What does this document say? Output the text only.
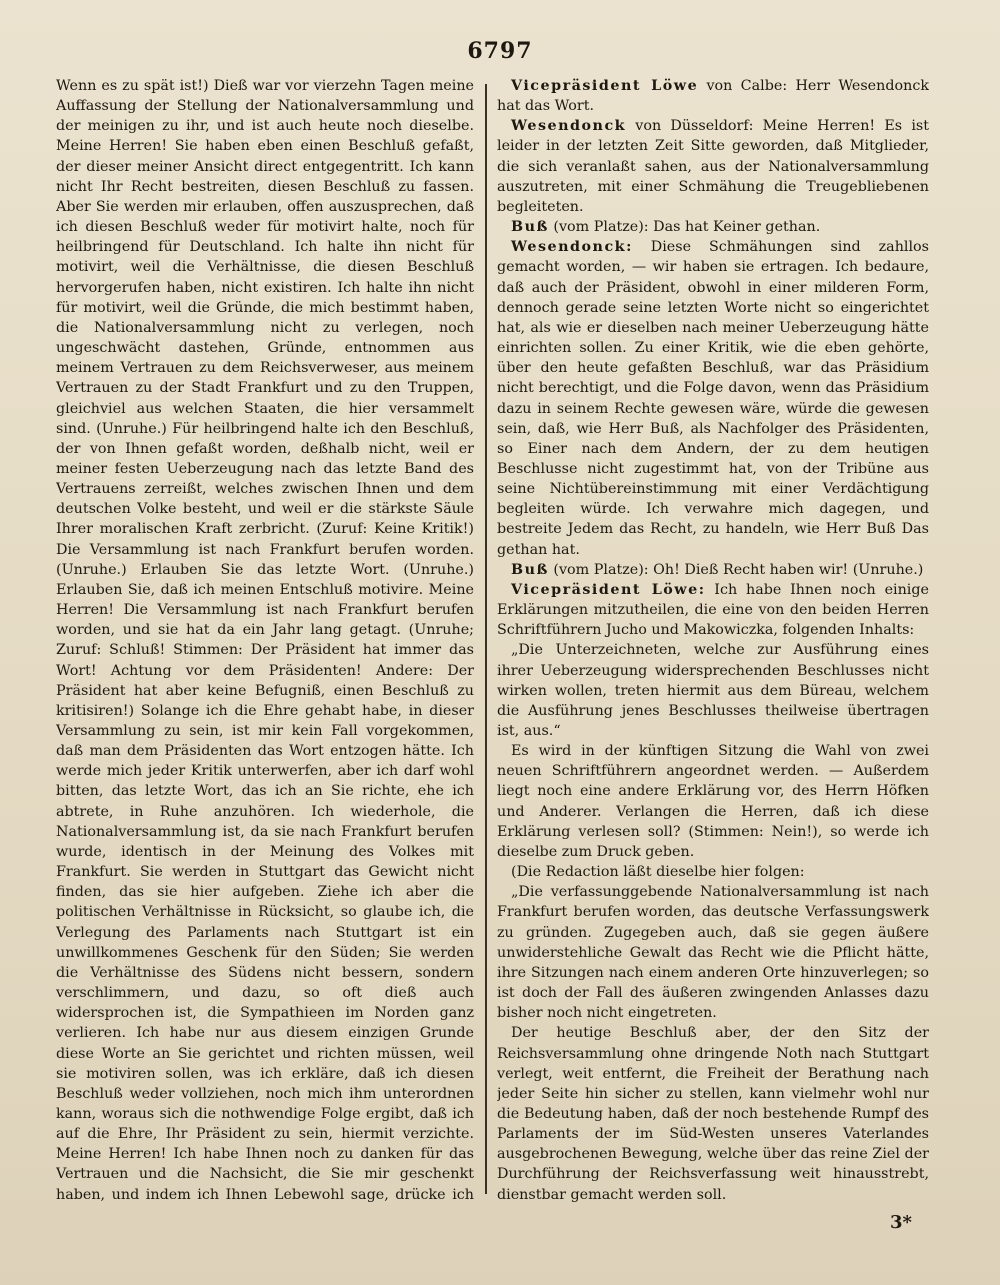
6797

Wenn es zu spät ist!) Dieß war vor vierzehn Tagen meine Auffassung der Stellung der Nationalversammlung und der meinigen zu ihr, und ist auch heute noch dieselbe. Meine Herren! Sie haben eben einen Beschluß gefaßt, der dieser meiner Ansicht direct entgegentritt. Ich kann nicht Ihr Recht bestreiten, diesen Beschluß zu fassen. Aber Sie werden mir erlauben, offen auszusprechen, daß ich diesen Beschluß weder für motivirt halte, noch für heilbringend für Deutschland. Ich halte ihn nicht für motivirt, weil die Verhältnisse, die diesen Beschluß hervorgerufen haben, nicht existiren. Ich halte ihn nicht für motivirt, weil die Gründe, die mich bestimmt haben, die Nationalversammlung nicht zu verlegen, noch ungeschwächt dastehen, Gründe, entnommen aus meinem Vertrauen zu dem Reichsverweser, aus meinem Vertrauen zu der Stadt Frankfurt und zu den Truppen, gleichviel aus welchen Staaten, die hier versammelt sind. (Unruhe.) Für heilbringend halte ich den Beschluß, der von Ihnen gefaßt worden, deßhalb nicht, weil er meiner festen Ueberzeugung nach das letzte Band des Vertrauens zerreißt, welches zwischen Ihnen und dem deutschen Volke besteht, und weil er die stärkste Säule Ihrer moralischen Kraft zerbricht. (Zuruf: Keine Kritik!) Die Versammlung ist nach Frankfurt berufen worden. (Unruhe.) Erlauben Sie das letzte Wort. (Unruhe.) Erlauben Sie, daß ich meinen Entschluß motivire. Meine Herren! Die Versammlung ist nach Frankfurt berufen worden, und sie hat da ein Jahr lang getagt. (Unruhe; Zuruf: Schluß! Stimmen: Der Präsident hat immer das Wort! Achtung vor dem Präsidenten! Andere: Der Präsident hat aber keine Befugniß, einen Beschluß zu kritisiren!) Solange ich die Ehre gehabt habe, in dieser Versammlung zu sein, ist mir kein Fall vorgekommen, daß man dem Präsidenten das Wort entzogen hätte. Ich werde mich jeder Kritik unterwerfen, aber ich darf wohl bitten, das letzte Wort, das ich an Sie richte, ehe ich abtrete, in Ruhe anzuhören. Ich wiederhole, die Nationalversammlung ist, da sie nach Frankfurt berufen wurde, identisch in der Meinung des Volkes mit Frankfurt. Sie werden in Stuttgart das Gewicht nicht finden, das sie hier aufgeben. Ziehe ich aber die politischen Verhältnisse in Rücksicht, so glaube ich, die Verlegung des Parlaments nach Stuttgart ist ein unwillkommenes Geschenk für den Süden; Sie werden die Verhältnisse des Südens nicht bessern, sondern verschlimmern, und dazu, so oft dieß auch widersprochen ist, die Sympathieen im Norden ganz verlieren. Ich habe nur aus diesem einzigen Grunde diese Worte an Sie gerichtet und richten müssen, weil sie motiviren sollen, was ich erkläre, daß ich diesen Beschluß weder vollziehen, noch mich ihm unterordnen kann, woraus sich die nothwendige Folge ergibt, daß ich auf die Ehre, Ihr Präsident zu sein, hiermit verzichte. Meine Herren! Ich habe Ihnen noch zu danken für das Vertrauen und die Nachsicht, die Sie mir geschenkt haben, und indem ich Ihnen Lebewohl sage, drücke ich

Vicepräsident Löwe von Calbe: Herr Wesendonck hat das Wort.

Wesendonck von Düsseldorf: Meine Herren! Es ist leider in der letzten Zeit Sitte geworden, daß Mitglieder, die sich veranlaßt sahen, aus der Nationalversammlung auszutreten, mit einer Schmähung die Treugebliebenen begleiteten.

Buß (vom Platze): Das hat Keiner gethan.

Wesendonck: Diese Schmähungen sind zahllos gemacht worden, — wir haben sie ertragen. Ich bedaure, daß auch der Präsident, obwohl in einer milderen Form, dennoch gerade seine letzten Worte nicht so eingerichtet hat, als wie er dieselben nach meiner Ueberzeugung hätte einrichten sollen. Zu einer Kritik, wie die eben gehörte, über den heute gefaßten Beschluß, war das Präsidium nicht berechtigt, und die Folge davon, wenn das Präsidium dazu in seinem Rechte gewesen wäre, würde die gewesen sein, daß, wie Herr Buß, als Nachfolger des Präsidenten, so Einer nach dem Andern, der zu dem heutigen Beschlusse nicht zugestimmt hat, von der Tribüne aus seine Nichtübereinstimmung mit einer Verdächtigung begleiten würde. Ich verwahre mich dagegen, und bestreite Jedem das Recht, zu handeln, wie Herr Buß Das gethan hat.

Buß (vom Platze): Oh! Dieß Recht haben wir! (Unruhe.)

Vicepräsident Löwe: Ich habe Ihnen noch einige Erklärungen mitzutheilen, die eine von den beiden Herren Schriftführern Jucho und Makowiczka, folgenden Inhalts:

„Die Unterzeichneten, welche zur Ausführung eines ihrer Ueberzeugung widersprechenden Beschlusses nicht wirken wollen, treten hiermit aus dem Büreau, welchem die Ausführung jenes Beschlusses theilweise übertragen ist, aus.“

Es wird in der künftigen Sitzung die Wahl von zwei neuen Schriftführern angeordnet werden. — Außerdem liegt noch eine andere Erklärung vor, des Herrn Höfken und Anderer. Verlangen die Herren, daß ich diese Erklärung verlesen soll? (Stimmen: Nein!), so werde ich dieselbe zum Druck geben.

(Die Redaction läßt dieselbe hier folgen:

„Die verfassunggebende Nationalversammlung ist nach Frankfurt berufen worden, das deutsche Verfassungswerk zu gründen. Zugegeben auch, daß sie gegen äußere unwiderstehliche Gewalt das Recht wie die Pflicht hätte, ihre Sitzungen nach einem anderen Orte hinzuverlegen; so ist doch der Fall des äußeren zwingenden Anlasses dazu bisher noch nicht eingetreten.

Der heutige Beschluß aber, der den Sitz der Reichsversammlung ohne dringende Noth nach Stuttgart verlegt, weit entfernt, die Freiheit der Berathung nach jeder Seite hin sicher zu stellen, kann vielmehr wohl nur die Bedeutung haben, daß der noch bestehende Rumpf des Parlaments der im Süd-Westen unseres Vaterlandes ausgebrochenen Bewegung, welche über das reine Ziel der Durchführung der Reichsverfassung weit hinausstrebt, dienstbar gemacht werden soll.

3*
